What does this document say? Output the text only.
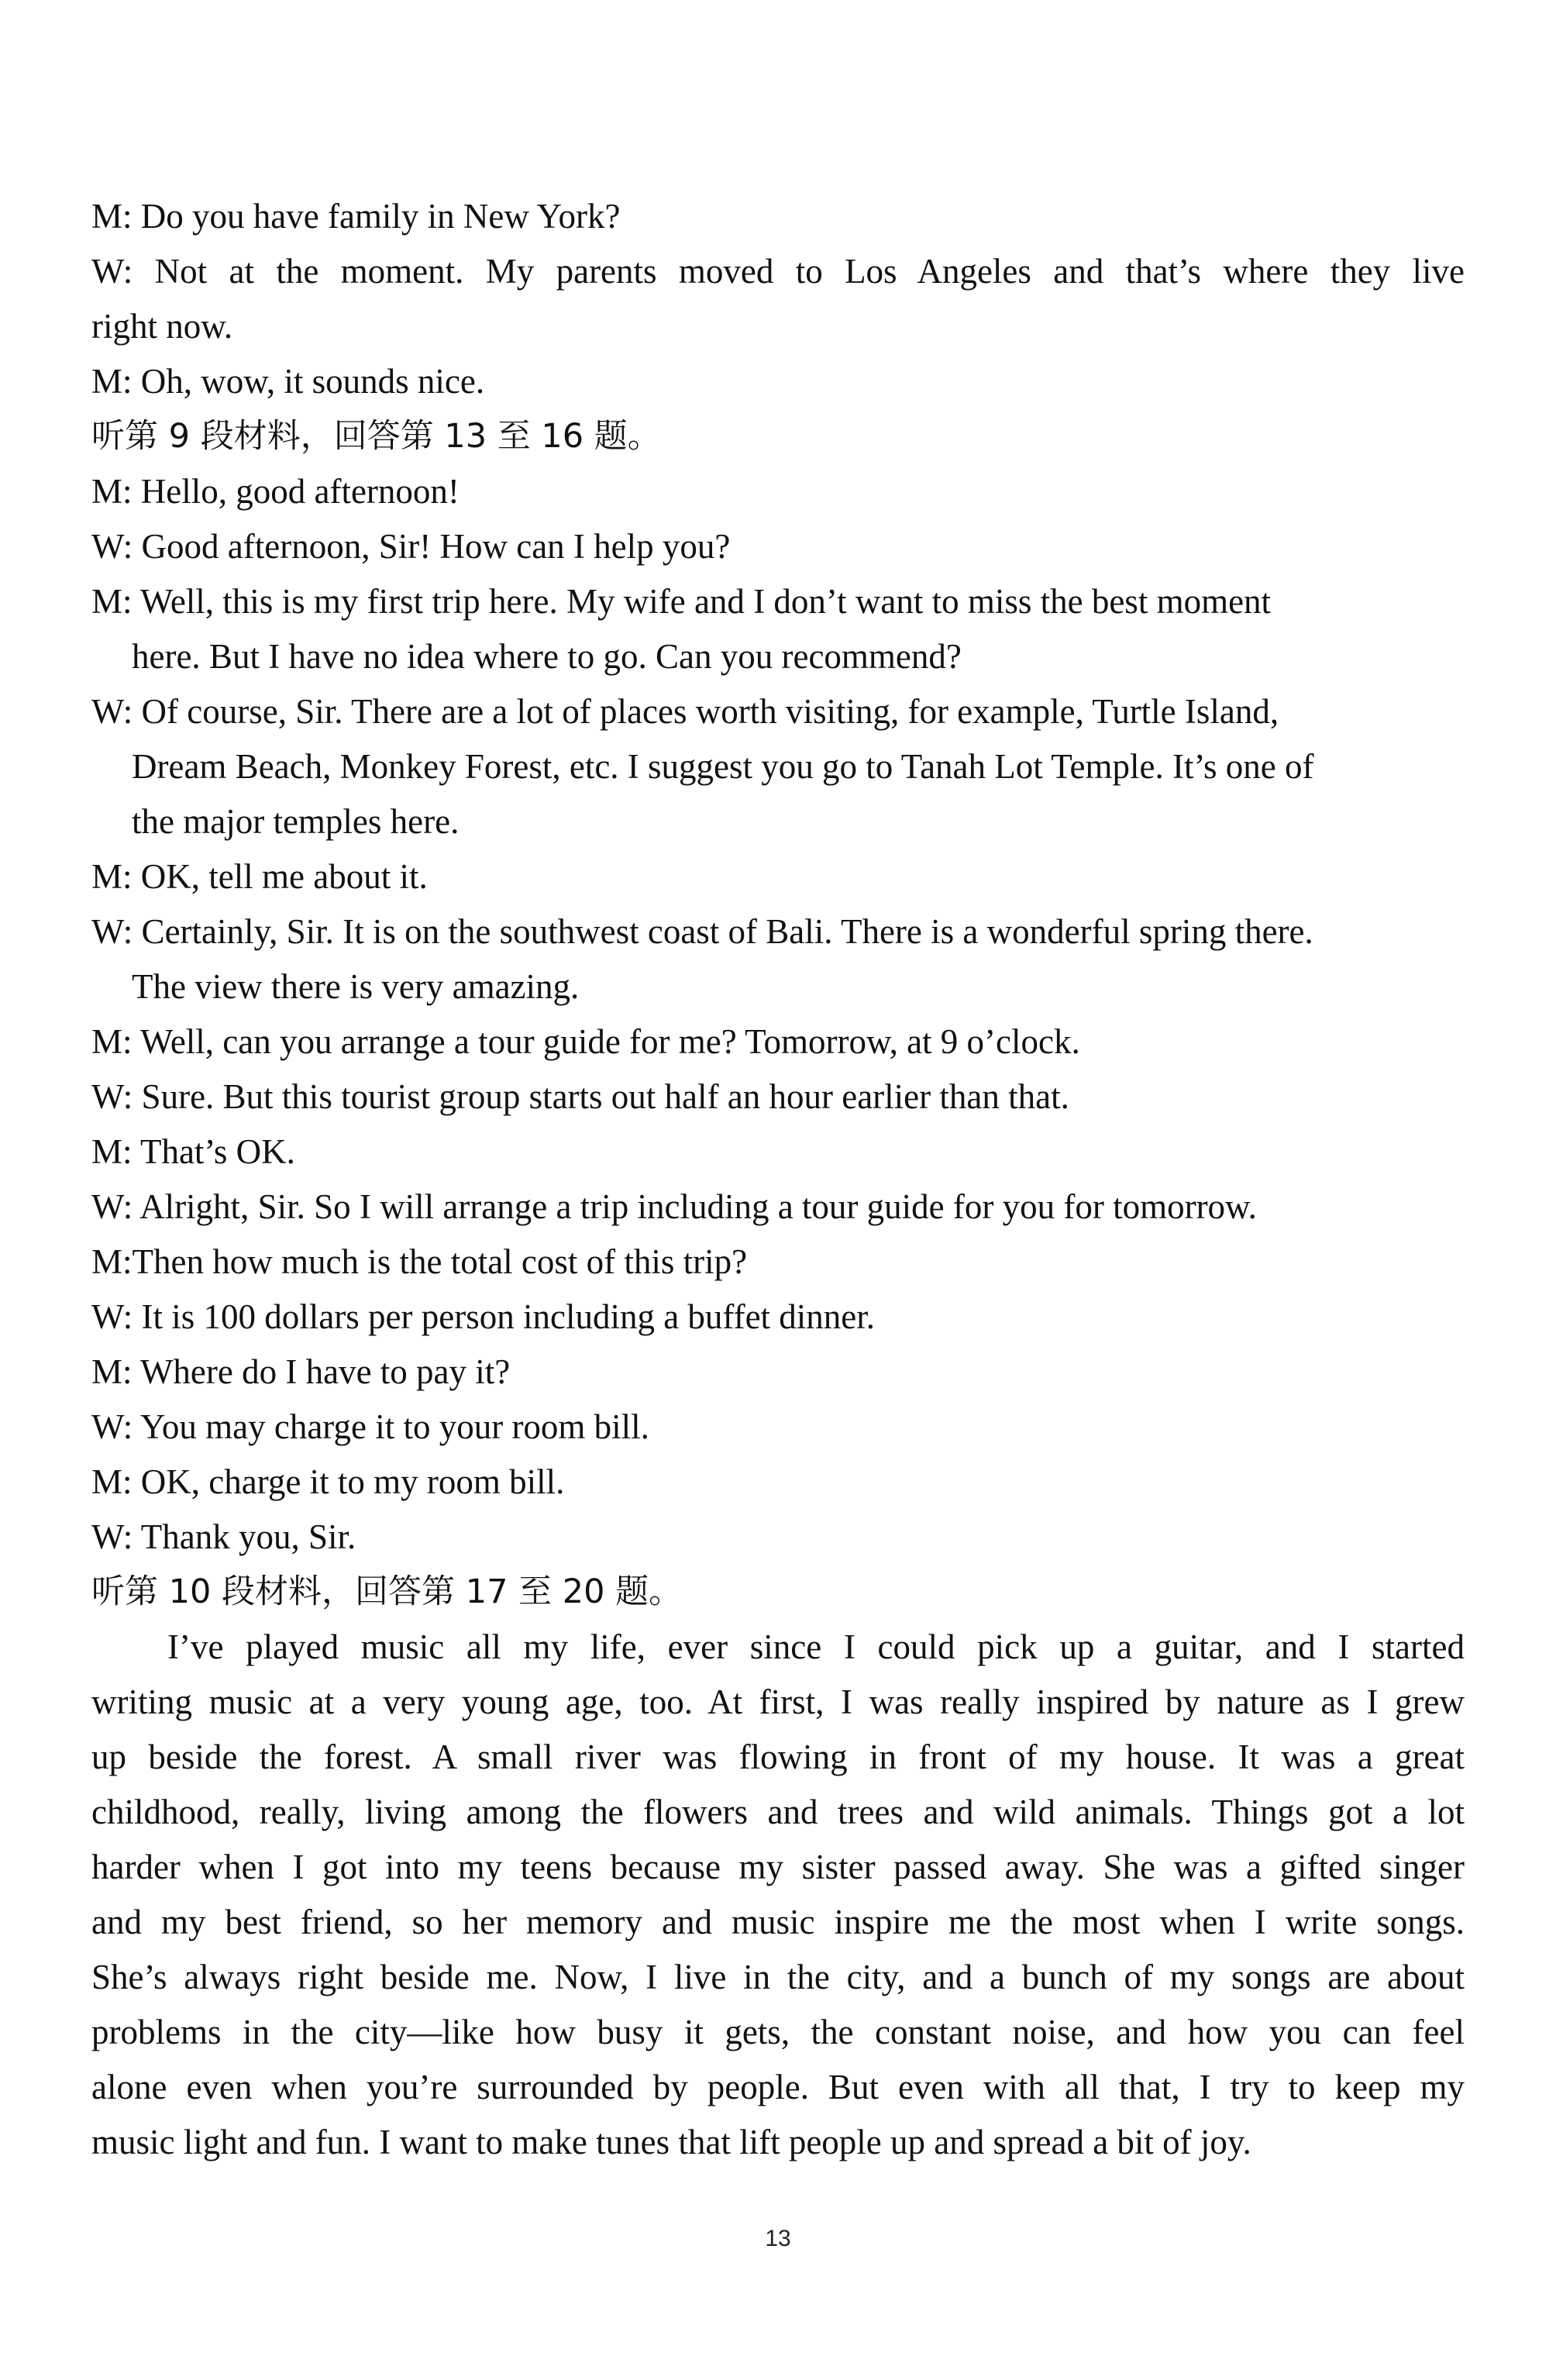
M: Do you have family in New York?

W: Not at the moment. My parents moved to Los Angeles and that’s where they live

right now.

M: Oh, wow, it sounds nice.

听第 9 段材料，回答第 13 至 16 题。

M: Hello, good afternoon!

W: Good afternoon, Sir! How can I help you?

M: Well, this is my first trip here. My wife and I don’t want to miss the best moment

here. But I have no idea where to go. Can you recommend?

W: Of course, Sir. There are a lot of places worth visiting, for example, Turtle Island,

Dream Beach, Monkey Forest, etc. I suggest you go to Tanah Lot Temple. It’s one of

the major temples here.

M: OK, tell me about it.

W: Certainly, Sir. It is on the southwest coast of Bali. There is a wonderful spring there.

The view there is very amazing.

M: Well, can you arrange a tour guide for me? Tomorrow, at 9 o’clock.

W: Sure. But this tourist group starts out half an hour earlier than that.

M: That’s OK.

W: Alright, Sir. So I will arrange a trip including a tour guide for you for tomorrow.

M:Then how much is the total cost of this trip?

W: It is 100 dollars per person including a buffet dinner.

M: Where do I have to pay it?

W: You may charge it to your room bill.

M: OK, charge it to my room bill.

W: Thank you, Sir.

听第 10 段材料，回答第 17 至 20 题。

I’ve played music all my life, ever since I could pick up a guitar, and I started
writing music at a very young age, too. At first, I was really inspired by nature as I grew
up beside the forest. A small river was flowing in front of my house. It was a great
childhood, really, living among the flowers and trees and wild animals. Things got a lot
harder when I got into my teens because my sister passed away. She was a gifted singer
and my best friend, so her memory and music inspire me the most when I write songs.
She’s always right beside me. Now, I live in the city, and a bunch of my songs are about
problems in the city—like how busy it gets, the constant noise, and how you can feel
alone even when you’re surrounded by people. But even with all that, I try to keep my
music light and fun. I want to make tunes that lift people up and spread a bit of joy.
13
